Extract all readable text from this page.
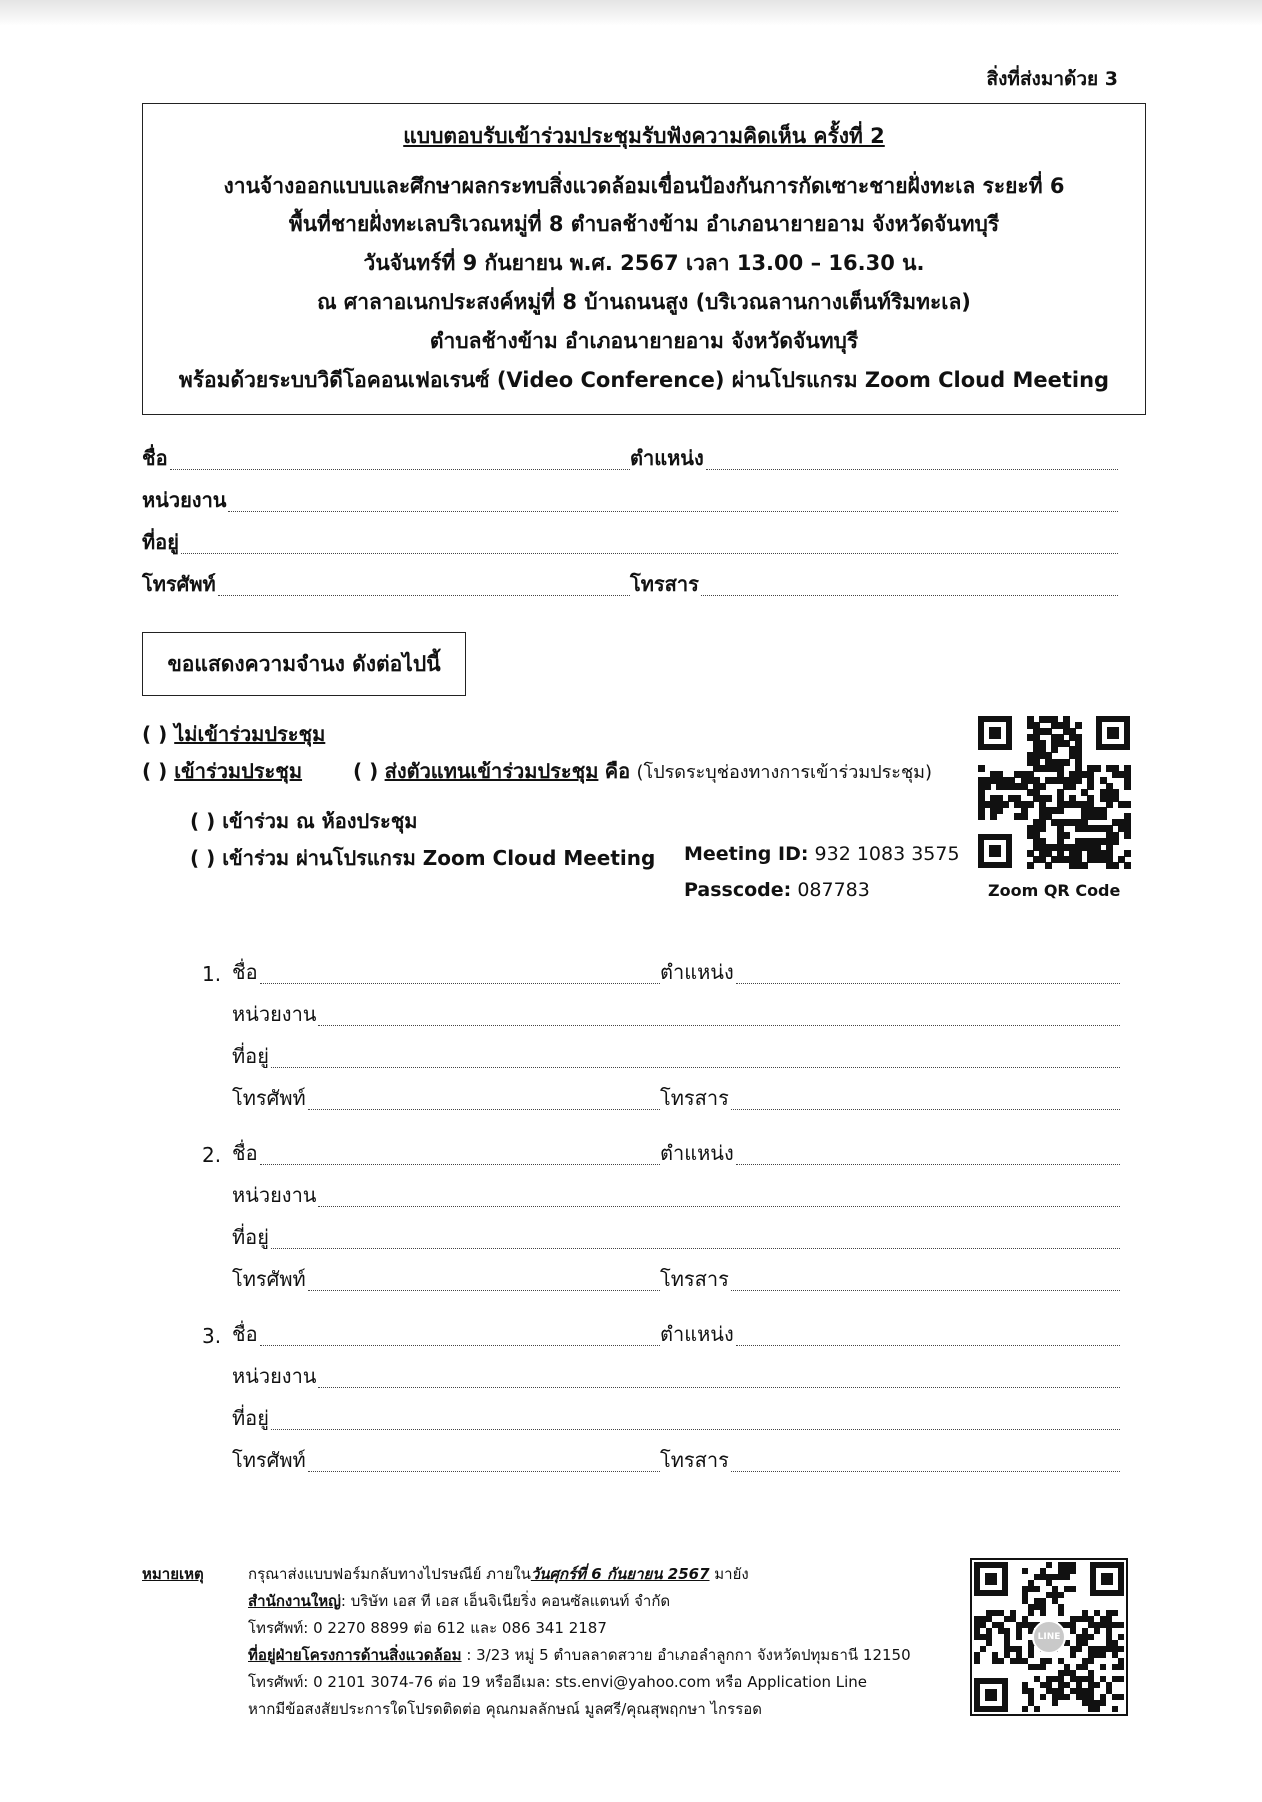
สิ่งที่ส่งมาด้วย 3
แบบตอบรับเข้าร่วมประชุมรับฟังความคิดเห็น ครั้งที่ 2
งานจ้างออกแบบและศึกษาผลกระทบสิ่งแวดล้อมเขื่อนป้องกันการกัดเซาะชายฝั่งทะเล ระยะที่ 6
พื้นที่ชายฝั่งทะเลบริเวณหมู่ที่ 8 ตำบลช้างข้าม อำเภอนายายอาม จังหวัดจันทบุรี
วันจันทร์ที่ 9 กันยายน พ.ศ. 2567 เวลา 13.00 – 16.30 น.
ณ ศาลาอเนกประสงค์หมู่ที่ 8 บ้านถนนสูง (บริเวณลานกางเต็นท์ริมทะเล)
ตำบลช้างข้าม อำเภอนายายอาม จังหวัดจันทบุรี
พร้อมด้วยระบบวิดีโอคอนเฟอเรนซ์ (Video Conference) ผ่านโปรแกรม Zoom Cloud Meeting
ชื่อ	ตำแหน่ง
หน่วยงาน
ที่อยู่
โทรศัพท์	โทรสาร
ขอแสดงความจำนง ดังต่อไปนี้
( ) ไม่เข้าร่วมประชุม
( ) เข้าร่วมประชุม	( ) ส่งตัวแทนเข้าร่วมประชุม คือ (โปรดระบุช่องทางการเข้าร่วมประชุม)
( ) เข้าร่วม ณ ห้องประชุม
( ) เข้าร่วม ผ่านโปรแกรม Zoom Cloud Meeting Meeting ID: 932 1083 3575
Passcode: 087783	Zoom QR Code
1. ชื่อ	ตำแหน่ง
หน่วยงาน
ที่อยู่
โทรศัพท์	โทรสาร
2. ชื่อ	ตำแหน่ง
หน่วยงาน
ที่อยู่
โทรศัพท์	โทรสาร
3. ชื่อ	ตำแหน่ง
หน่วยงาน
ที่อยู่
โทรศัพท์	โทรสาร
หมายเหตุ	กรุณาส่งแบบฟอร์มกลับทางไปรษณีย์ ภายในวันศุกร์ที่ 6 กันยายน 2567 มายัง
สำนักงานใหญ่: บริษัท เอส ที เอส เอ็นจิเนียริ่ง คอนซัลแตนท์ จำกัด
โทรศัพท์: 0 2270 8899 ต่อ 612 และ 086 341 2187
ที่อยู่ฝ่ายโครงการด้านสิ่งแวดล้อม : 3/23 หมู่ 5 ตำบลลาดสวาย อำเภอลำลูกกา จังหวัดปทุมธานี 12150
โทรศัพท์: 0 2101 3074-76 ต่อ 19 หรืออีเมล: sts.envi@yahoo.com หรือ Application Line
หากมีข้อสงสัยประการใดโปรดติดต่อ คุณกมลลักษณ์ มูลศรี/คุณสุพฤกษา ไกรรอด
LINE
